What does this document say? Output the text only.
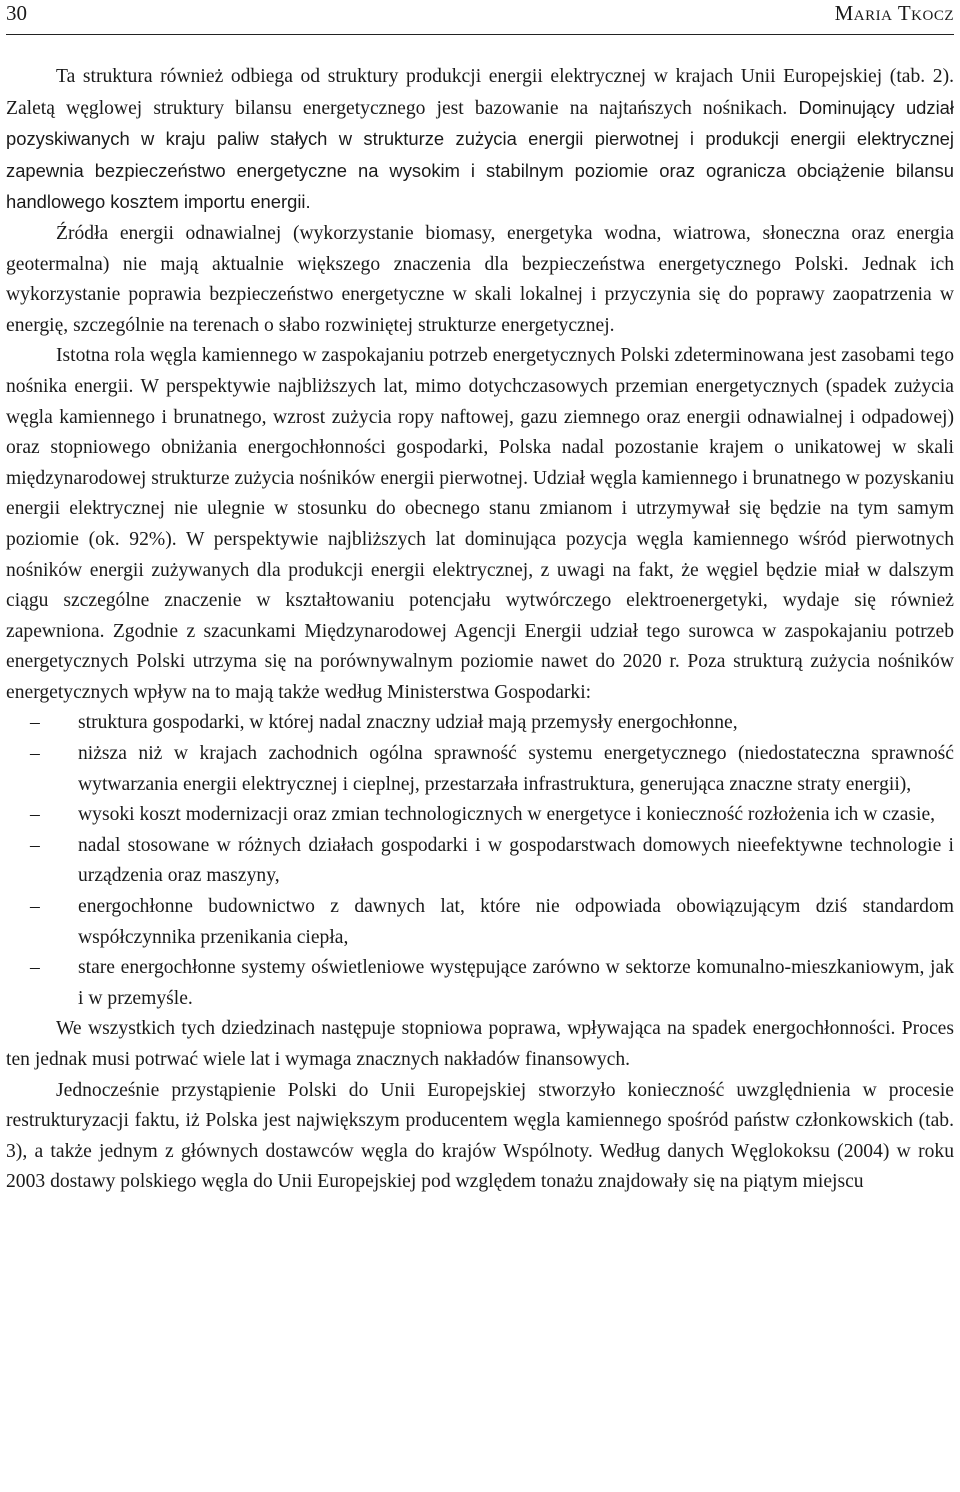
30	Maria Tkocz

Ta struktura również odbiega od struktury produkcji energii elektrycznej w krajach Unii Europejskiej (tab. 2). Zaletą węglowej struktury bilansu energetycznego jest bazowanie na najtańszych nośnikach. Dominujący udział pozyskiwanych w kraju paliw stałych w strukturze zużycia energii pierwotnej i produkcji energii elektrycznej zapewnia bezpieczeństwo energetyczne na wysokim i stabilnym poziomie oraz ogranicza obciążenie bilansu handlowego kosztem importu energii.

Źródła energii odnawialnej (wykorzystanie biomasy, energetyka wodna, wiatrowa, słoneczna oraz energia geotermalna) nie mają aktualnie większego znaczenia dla bezpieczeństwa energetycznego Polski. Jednak ich wykorzystanie poprawia bezpieczeństwo energetyczne w skali lokalnej i przyczynia się do poprawy zaopatrzenia w energię, szczególnie na terenach o słabo rozwiniętej strukturze energetycznej.

Istotna rola węgla kamiennego w zaspokajaniu potrzeb energetycznych Polski zdeterminowana jest zasobami tego nośnika energii. W perspektywie najbliższych lat, mimo dotychczasowych przemian energetycznych (spadek zużycia węgla kamiennego i brunatnego, wzrost zużycia ropy naftowej, gazu ziemnego oraz energii odnawialnej i odpadowej) oraz stopniowego obniżania energochłonności gospodarki, Polska nadal pozostanie krajem o unikatowej w skali międzynarodowej strukturze zużycia nośników energii pierwotnej. Udział węgla kamiennego i brunatnego w pozyskaniu energii elektrycznej nie ulegnie w stosunku do obecnego stanu zmianom i utrzymywał się będzie na tym samym poziomie (ok. 92%). W perspektywie najbliższych lat dominująca pozycja węgla kamiennego wśród pierwotnych nośników energii zużywanych dla produkcji energii elektrycznej, z uwagi na fakt, że węgiel będzie miał w dalszym ciągu szczególne znaczenie w kształtowaniu potencjału wytwórczego elektroenergetyki, wydaje się również zapewniona. Zgodnie z szacunkami Międzynarodowej Agencji Energii udział tego surowca w zaspokajaniu potrzeb energetycznych Polski utrzyma się na porównywalnym poziomie nawet do 2020 r. Poza strukturą zużycia nośników energetycznych wpływ na to mają także według Ministerstwa Gospodarki:

– struktura gospodarki, w której nadal znaczny udział mają przemysły energochłonne,
– niższa niż w krajach zachodnich ogólna sprawność systemu energetycznego (niedostateczna sprawność wytwarzania energii elektrycznej i cieplnej, przestarzała infrastruktura, generująca znaczne straty energii),
– wysoki koszt modernizacji oraz zmian technologicznych w energetyce i konieczność rozłożenia ich w czasie,
– nadal stosowane w różnych działach gospodarki i w gospodarstwach domowych nieefektywne technologie i urządzenia oraz maszyny,
– energochłonne budownictwo z dawnych lat, które nie odpowiada obowiązującym dziś standardom współczynnika przenikania ciepła,
– stare energochłonne systemy oświetleniowe występujące zarówno w sektorze komunalno-mieszkaniowym, jak i w przemyśle.

We wszystkich tych dziedzinach następuje stopniowa poprawa, wpływająca na spadek energochłonności. Proces ten jednak musi potrwać wiele lat i wymaga znacznych nakładów finansowych.

Jednocześnie przystąpienie Polski do Unii Europejskiej stworzyło konieczność uwzględnienia w procesie restrukturyzacji faktu, iż Polska jest największym producentem węgla kamiennego spośród państw członkowskich (tab. 3), a także jednym z głównych dostawców węgla do krajów Wspólnoty. Według danych Węglokoksu (2004) w roku 2003 dostawy polskiego węgla do Unii Europejskiej pod względem tonażu znajdowały się na piątym miejscu
